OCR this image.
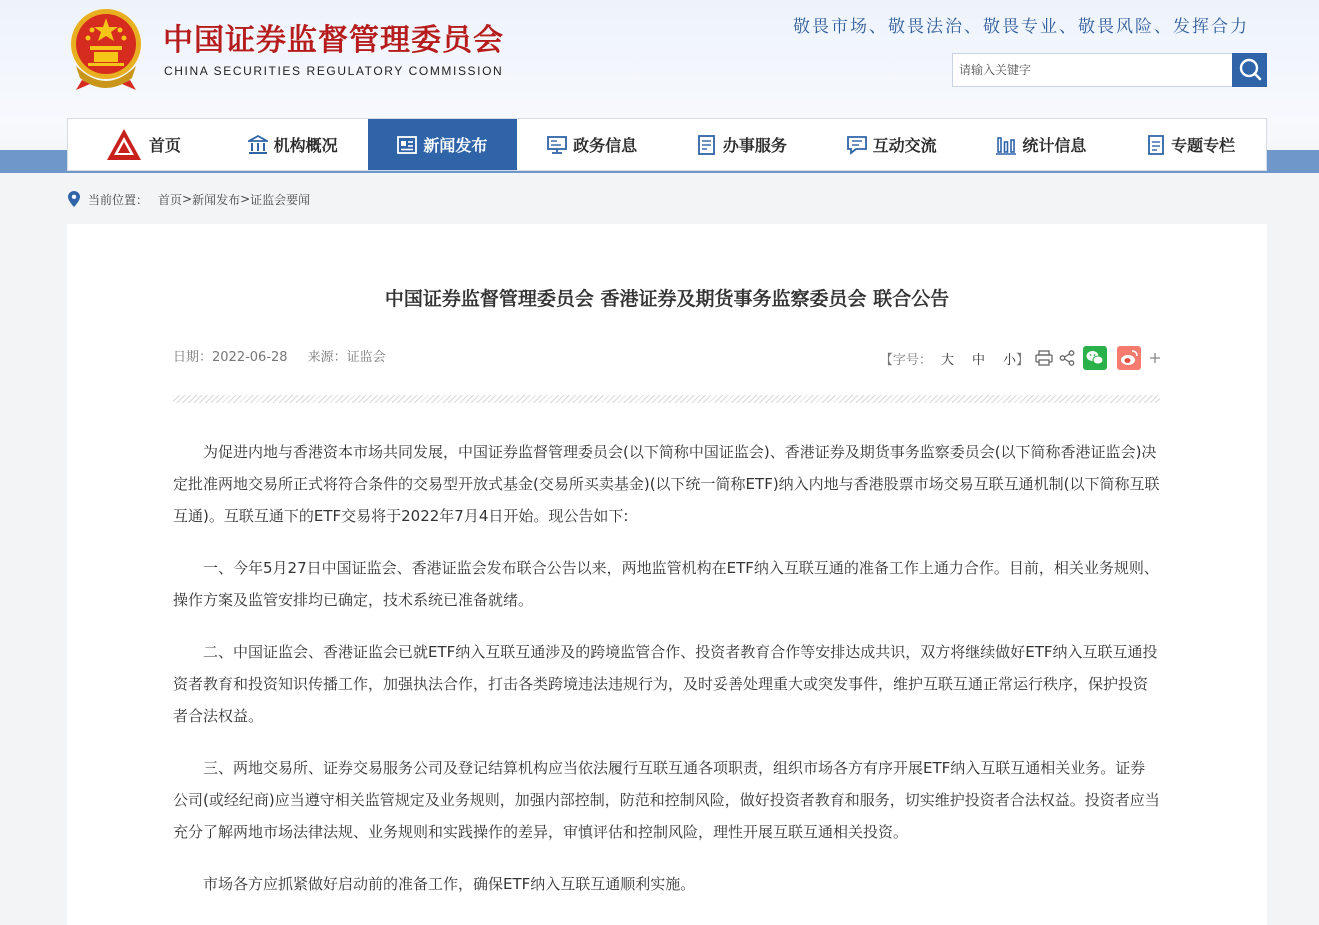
中国证券监督管理委员会
CHINA SECURITIES REGULATORY COMMISSION
敬畏市场、敬畏法治、敬畏专业、敬畏风险、发挥合力
请输入关键字
首页	机构概况	新闻发布	政务信息	办事服务	互动交流	统计信息	专题专栏
当前位置： 首页 > 新闻发布 > 证监会要闻
中国证券监督管理委员会 香港证券及期货事务监察委员会 联合公告
日期：2022-06-28 来源：证监会	【字号： 大 中 小 】

为促进内地与香港资本市场共同发展，中国证券监督管理委员会(以下简称中国证监会)、香港证券及期货事务监察委员会(以下简称香港证监会)决定批准两地交易所正式将符合条件的交易型开放式基金(交易所买卖基金)(以下统一简称ETF)纳入内地与香港股票市场交易互联互通机制(以下简称互联互通)。互联互通下的ETF交易将于2022年7月4日开始。现公告如下:

一、今年5月27日中国证监会、香港证监会发布联合公告以来，两地监管机构在ETF纳入互联互通的准备工作上通力合作。目前，相关业务规则、操作方案及监管安排均已确定，技术系统已准备就绪。

二、中国证监会、香港证监会已就ETF纳入互联互通涉及的跨境监管合作、投资者教育合作等安排达成共识，双方将继续做好ETF纳入互联互通投资者教育和投资知识传播工作，加强执法合作，打击各类跨境违法违规行为，及时妥善处理重大或突发事件，维护互联互通正常运行秩序，保护投资者合法权益。

三、两地交易所、证券交易服务公司及登记结算机构应当依法履行互联互通各项职责，组织市场各方有序开展ETF纳入互联互通相关业务。证券公司(或经纪商)应当遵守相关监管规定及业务规则，加强内部控制，防范和控制风险，做好投资者教育和服务，切实维护投资者合法权益。投资者应当充分了解两地市场法律法规、业务规则和实践操作的差异，审慎评估和控制风险，理性开展互联互通相关投资。

市场各方应抓紧做好启动前的准备工作，确保ETF纳入互联互通顺利实施。
